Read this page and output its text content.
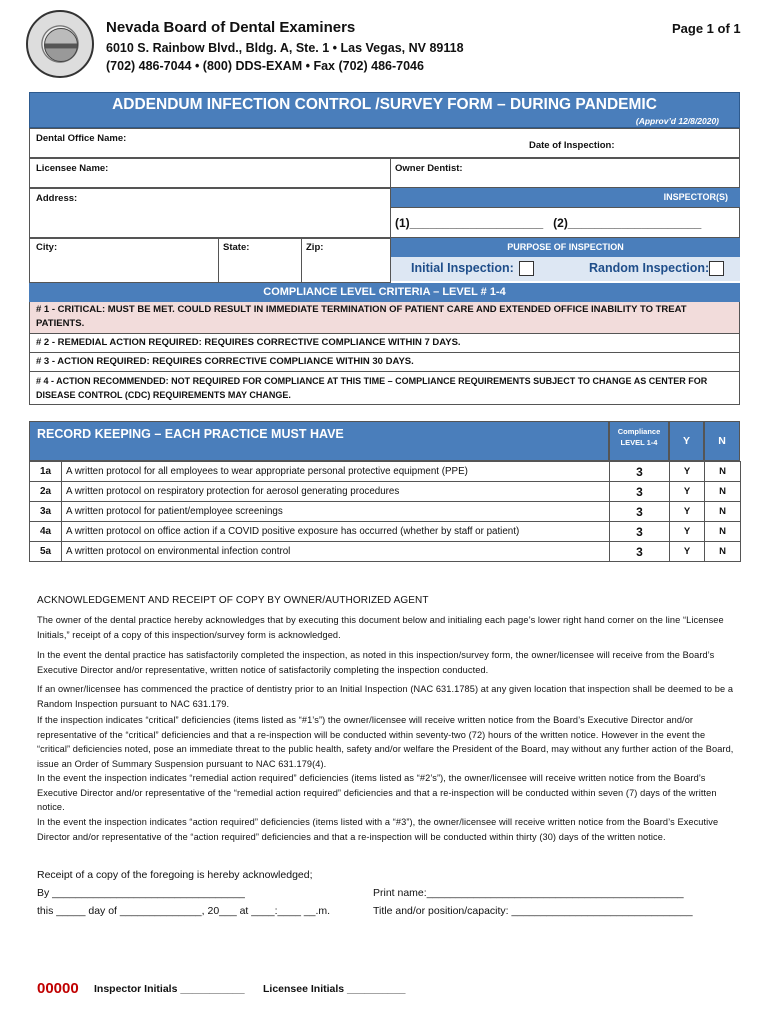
Nevada Board of Dental Examiners
6010 S. Rainbow Blvd., Bldg. A, Ste. 1 • Las Vegas, NV 89118
(702) 486-7044 • (800) DDS-EXAM • Fax (702) 486-7046
Page 1 of 1
ADDENDUM INFECTION CONTROL /SURVEY FORM – DURING PANDEMIC
(Approv’d 12/8/2020)
Dental Office Name:
Date of Inspection:
Licensee Name:	Owner Dentist:
Address:	INSPECTOR(S)
(1)____________________   (2)____________________
City:	State:	Zip:	PURPOSE OF INSPECTION
Initial Inspection:	Random Inspection:
COMPLIANCE LEVEL CRITERIA – LEVEL # 1-4
# 1 - CRITICAL: MUST BE MET. COULD RESULT IN IMMEDIATE TERMINATION OF PATIENT CARE AND EXTENDED OFFICE INABILITY TO TREAT PATIENTS.
# 2 - REMEDIAL ACTION REQUIRED: REQUIRES CORRECTIVE COMPLIANCE WITHIN 7 DAYS.
# 3 - ACTION REQUIRED: REQUIRES CORRECTIVE COMPLIANCE WITHIN 30 DAYS.
# 4 - ACTION RECOMMENDED: NOT REQUIRED FOR COMPLIANCE AT THIS TIME – COMPLIANCE REQUIREMENTS SUBJECT TO CHANGE AS CENTER FOR DISEASE CONTROL (CDC) REQUIREMENTS MAY CHANGE.
RECORD KEEPING – EACH PRACTICE MUST HAVE	Compliance LEVEL 1-4	Y	N
1a	A written protocol for all employees to wear appropriate personal protective equipment (PPE)	3	Y	N
2a	A written protocol on respiratory protection for aerosol generating procedures	3	Y	N
3a	A written protocol for patient/employee screenings	3	Y	N
4a	A written protocol on office action if a COVID positive exposure has occurred (whether by staff or patient)	3	Y	N
5a	A written protocol on environmental infection control	3	Y	N
ACKNOWLEDGEMENT AND RECEIPT OF COPY BY OWNER/AUTHORIZED AGENT
The owner of the dental practice hereby acknowledges that by executing this document below and initialing each page’s lower right hand corner on the line “Licensee Initials,” receipt of a copy of this inspection/survey form is acknowledged.
In the event the dental practice has satisfactorily completed the inspection, as noted in this inspection/survey form, the owner/licensee will receive from the Board’s Executive Director and/or representative, written notice of satisfactorily completing the inspection conducted.
If an owner/licensee has commenced the practice of dentistry prior to an Initial Inspection (NAC 631.1785) at any given location that inspection shall be deemed to be a Random Inspection pursuant to NAC 631.179.
If the inspection indicates “critical” deficiencies (items listed as “#1’s”) the owner/licensee will receive written notice from the Board’s Executive Director and/or representative of the “critical” deficiencies and that a re-inspection will be conducted within seventy-two (72) hours of the written notice. However in the event the “critical” deficiencies noted, pose an immediate threat to the public health, safety and/or welfare the President of the Board, may without any further action of the Board, issue an Order of Summary Suspension pursuant to NAC 631.179(4).
In the event the inspection indicates “remedial action required” deficiencies (items listed as “#2’s”), the owner/licensee will receive written notice from the Board’s Executive Director and/or representative of the “remedial action required” deficiencies and that a re-inspection will be conducted within seven (7) days of the written notice.
In the event the inspection indicates “action required” deficiencies (items listed with a “#3”), the owner/licensee will receive written notice from the Board’s Executive Director and/or representative of the “action required” deficiencies and that a re-inspection will be conducted within thirty (30) days of the written notice.
Receipt of a copy of the foregoing is hereby acknowledged;
By _________________________________	Print name:____________________________________________
this _____ day of ______________, 20___ at ____:____ __.m.	Title and/or position/capacity: _______________________________
00000 Inspector Initials ___________ Licensee Initials __________
